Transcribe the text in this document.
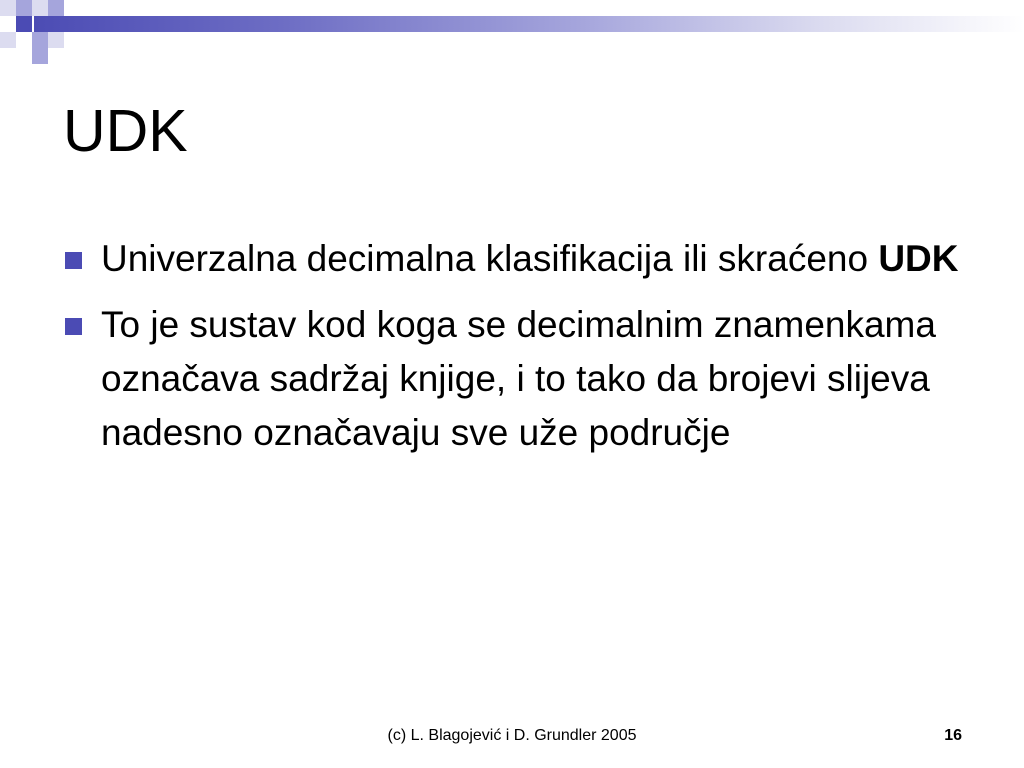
UDK
Univerzalna decimalna klasifikacija ili skraćeno UDK
To je sustav kod koga se decimalnim znamenkama označava sadržaj knjige, i to tako da brojevi slijeva nadesno označavaju sve uže područje
(c) L. Blagojević i D. Grundler 2005	16
